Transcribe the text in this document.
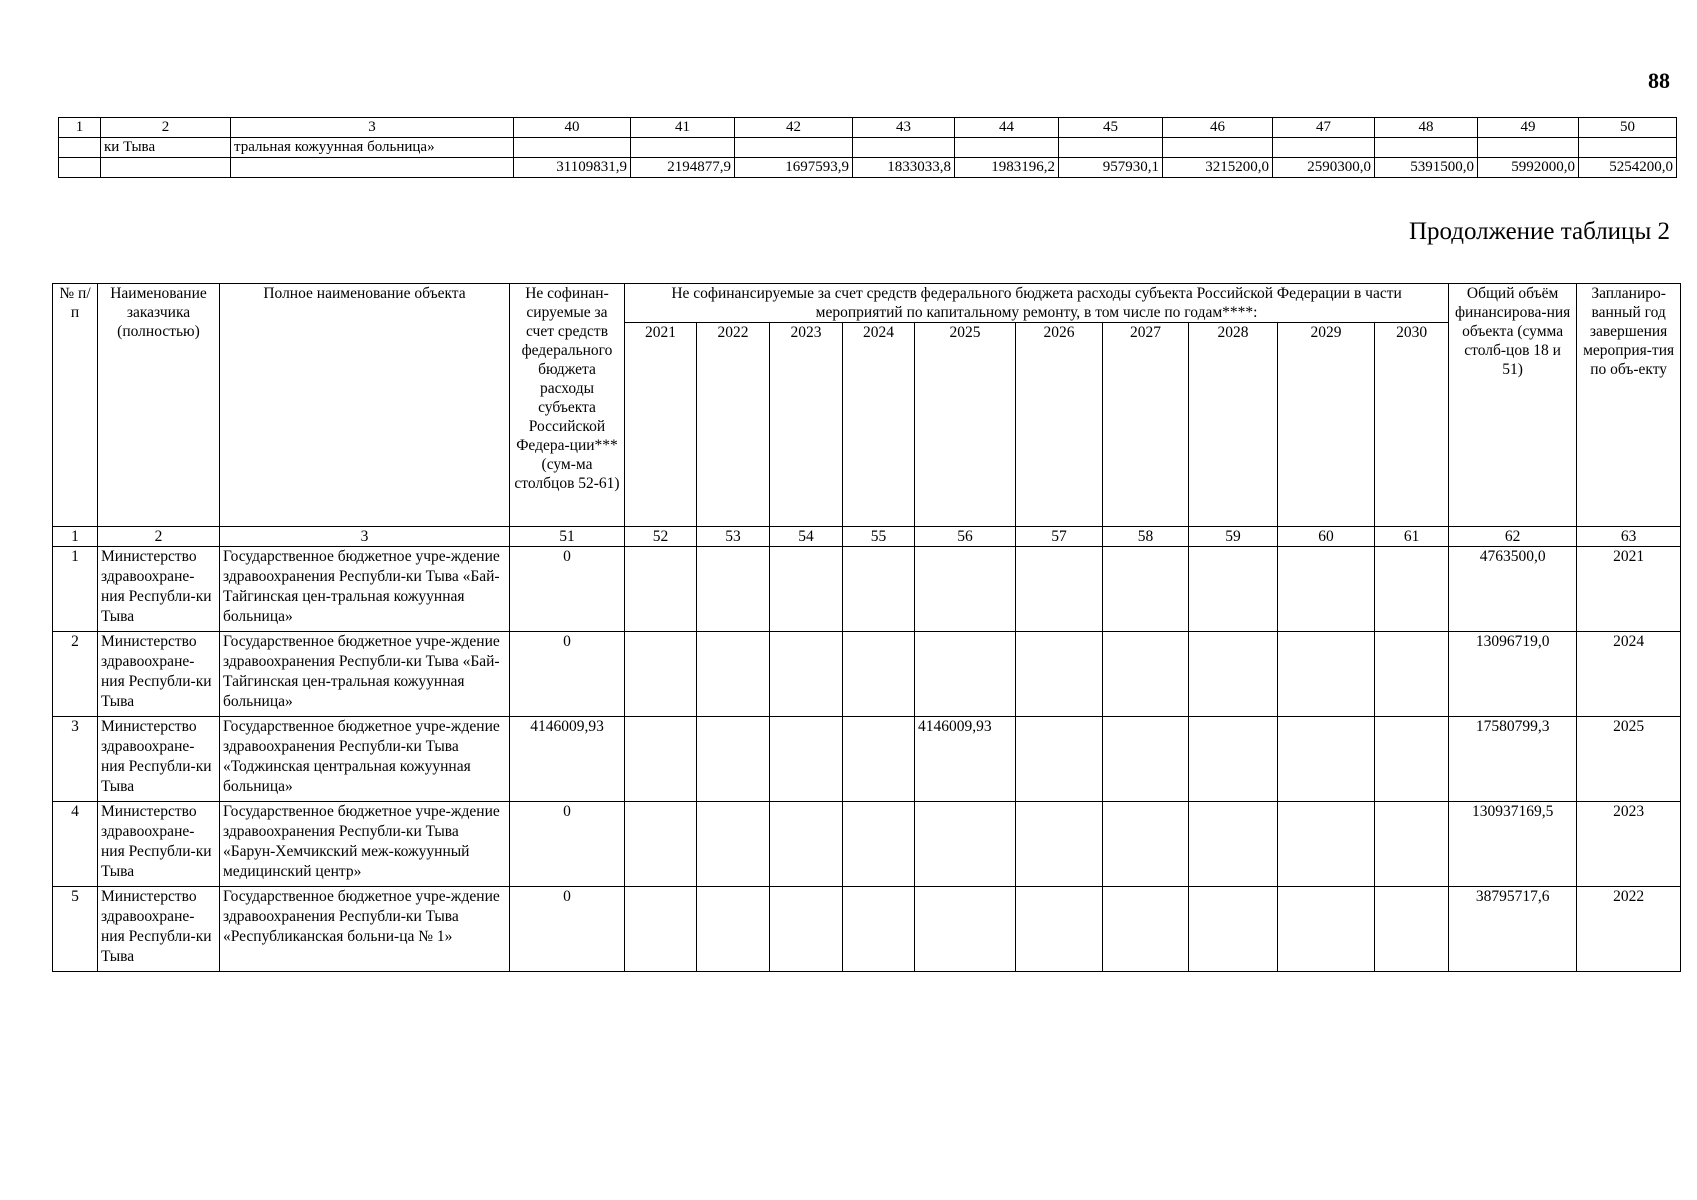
88
1	2	3	40	41	42	43	44	45	46	47	48	49	50
	ки Тыва	тральная кожуунная больница»											
			31109831,9	2194877,9	1697593,9	1833033,8	1983196,2	957930,1	3215200,0	2590300,0	5391500,0	5992000,0	5254200,0
Продолжение таблицы 2
№ п/п	Наименование заказчика (полностью)	Полное наименование объекта	Не софинан-сируемые за счет средств федерального бюджета расходы субъекта Российской Федера-ции*** (сум-ма столбцов 52-61)	Не софинансируемые за счет средств федерального бюджета расходы субъекта Российской Федерации в части мероприятий по капитальному ремонту, в том числе по годам****:										Общий объём финансирова-ния объекта (сумма столб-цов 18 и 51)	Запланиро-ванный год завершения мероприя-тия по объ-екту
				2021	2022	2023	2024	2025	2026	2027	2028	2029	2030		
1	2	3	51	52	53	54	55	56	57	58	59	60	61	62	63
1	Министерство здравоохране-ния Республи-ки Тыва	Государственное бюджетное учре-ждение здравоохранения Республи-ки Тыва «Бай-Тайгинская цен-тральная кожуунная больница»	0											4763500,0	2021
2	Министерство здравоохране-ния Республи-ки Тыва	Государственное бюджетное учре-ждение здравоохранения Республи-ки Тыва «Бай-Тайгинская цен-тральная кожуунная больница»	0											13096719,0	2024
3	Министерство здравоохране-ния Республи-ки Тыва	Государственное бюджетное учре-ждение здравоохранения Республи-ки Тыва «Тоджинская центральная кожуунная больница»	4146009,93					4146009,93						17580799,3	2025
4	Министерство здравоохране-ния Республи-ки Тыва	Государственное бюджетное учре-ждение здравоохранения Республи-ки Тыва «Барун-Хемчикский меж-кожуунный медицинский центр»	0											130937169,5	2023
5	Министерство здравоохране-ния Республи-ки Тыва	Государственное бюджетное учре-ждение здравоохранения Республи-ки Тыва «Республиканская больни-ца № 1»	0											38795717,6	2022
